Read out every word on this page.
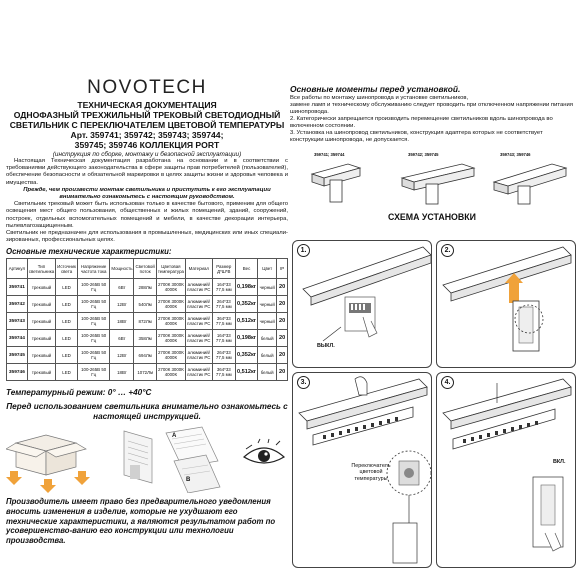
NOVOTECH
ТЕХНИЧЕСКАЯ ДОКУМЕНТАЦИЯ
ОДНОФАЗНЫЙ ТРЕХЖИЛЬНЫЙ ТРЕКОВЫЙ СВЕТОДИОДНЫЙ
СВЕТИЛЬНИК С ПЕРЕКЛЮЧАТЕЛЕМ ЦВЕТОВОЙ ТЕМПЕРАТУРЫ
Арт. 359741; 359742; 359743; 359744;
359745; 359746 КОЛЛЕКЦИЯ PORT
(инструкция по сборке, монтажу и безопасной эксплуатации)

Настоящая Техническая документация разработана на основании и в соответствии с требованиями действующего законодательства в сфере защиты прав потребителей (пользователей), обеспечение безопасности и обязательной маркировки в целях защиты жизни и здоровья человека и имущества.

Прежде, чем произвести монтаж светильника и приступить к его эксплуатации внимательно ознакомьтесь с настоящим руководством.

Светильник трековый может быть использован только в качестве бытового, применим для общего освещения мест общего пользования, общественных и жилых помещений, зданий, сооружений, построек, отдельных вспомогательных помещений и мебели, в качестве декорации интерьера, пылевлагозащищенным.

Светильник не предназначен для использования в промышленных, медицинских или иных специали-зированных, профессиональных целях.

Основные технические характеристики:
Артикул	Тип светильника	Источник света	Напряжение частота тока	Мощность	Световой поток	Цветовая температура	Материал	Размер Д*Ш*В	Вес	Цвет	IP
359741	трековый	LED	100-265В 50 Гц	6Вт	288Лм	2700К 3000К 4000К	алюминий/ пластик PC	164*33 77,5 мм	0,198кг	черный	20
359742	трековый	LED	100-265В 50 Гц	12Вт	540Лм	2700К 3000К 4000К	алюминий/ пластик PC	264*33 77,5 мм	0,352кг	черный	20
359743	трековый	LED	100-265В 50 Гц	18Вт	872Лм	2700К 3000К 4000К	алюминий/ пластик PC	364*33 77,5 мм	0,512кг	черный	20
359744	трековый	LED	100-265В 50 Гц	6Вт	358Лм	2700К 3000К 4000К	алюминий/ пластик PC	164*33 77,5 мм	0,198кг	белый	20
359745	трековый	LED	100-265В 50 Гц	12Вт	694Лм	2700К 3000К 4000К	алюминий/ пластик PC	264*33 77,5 мм	0,352кг	белый	20
359746	трековый	LED	100-265В 50 Гц	18Вт	1072Лм	2700К 3000К 4000К	алюминий/ пластик PC	364*33 77,5 мм	0,512кг	белый	20
Температурный режим: 0° … +40°С
Перед использованием светильника внимательно ознакомьтесь с настоящей инструкцией.
A
B
Производитель имеет право без предварительного уведомления вносить изменения в изделие, которые не ухудшают его технические характеристики, а являются результатом работ по усовершенство-ванию его конструкции или технологии производства.
Основные моменты перед установкой.
Все работы по монтажу шинопровода и установке светильников,
замене ламп и техническому обслуживанию следует проводить при отключенном напряжении питания шинопровода.
2. Категорически запрещается производить перемещение светильников вдоль шинопровода во включенном состоянии.
3. Установка на шинопровод светильников, конструкция адаптера которых не соответствует конструкции шинопровода, не допускается.
359741; 359744	359742; 359745	359743; 359746
СХЕМА УСТАНОВКИ
1.
ВЫКЛ.
2.
3.
Переключатель цветовой температуры
4.
ВКЛ.
